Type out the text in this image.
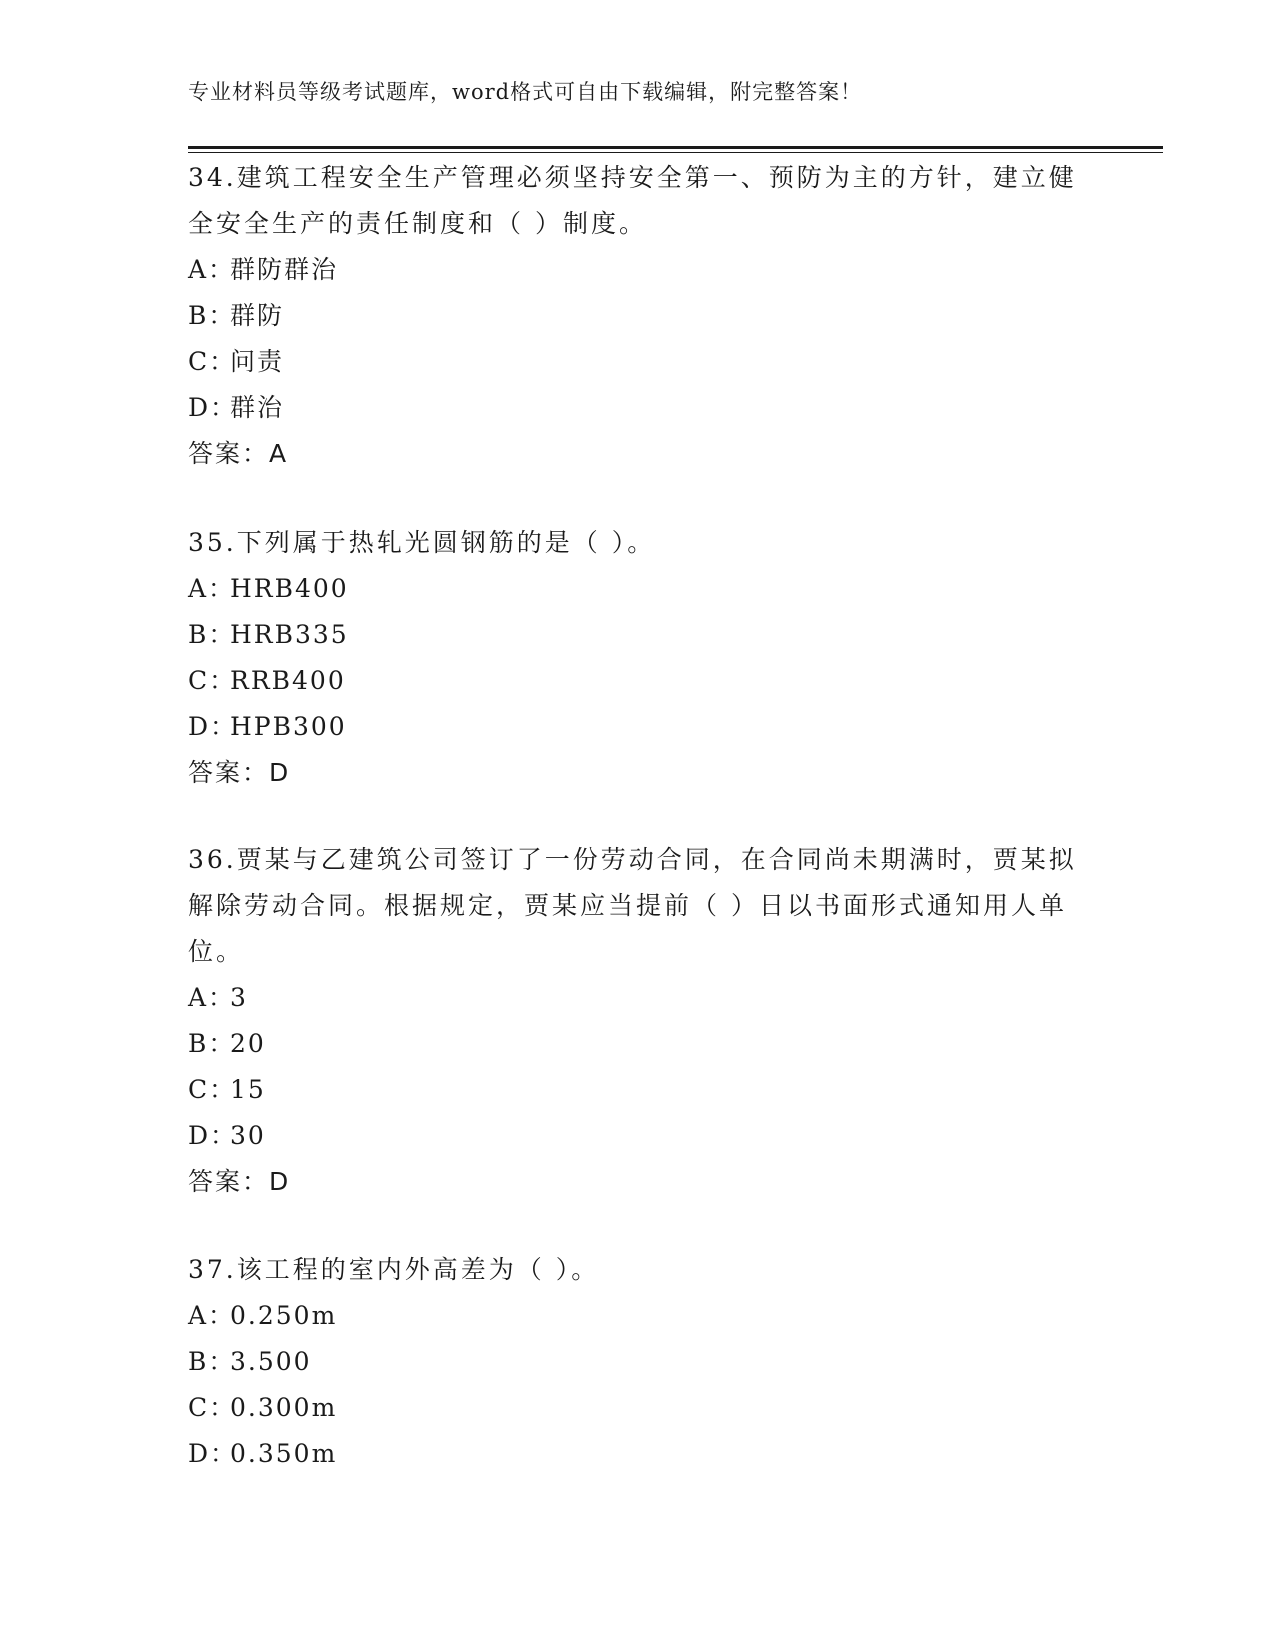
专业材料员等级考试题库，word格式可自由下载编辑，附完整答案！
34.建筑工程安全生产管理必须坚持安全第一、预防为主的方针，建立健全安全生产的责任制度和（ ）制度。
A：群防群治
B：群防
C：问责
D：群治
答案：A
35.下列属于热轧光圆钢筋的是（ ）。
A：HRB400
B：HRB335
C：RRB400
D：HPB300
答案：D
36.贾某与乙建筑公司签订了一份劳动合同，在合同尚未期满时，贾某拟解除劳动合同。根据规定，贾某应当提前（ ）日以书面形式通知用人单位。
A：3
B：20
C：15
D：30
答案：D
37.该工程的室内外高差为（ ）。
A：0.250m
B：3.500
C：0.300m
D：0.350m
